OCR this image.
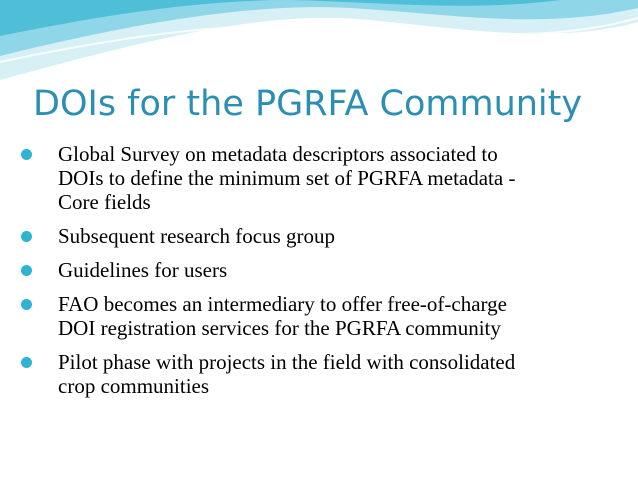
DOIs for the PGRFA Community
Global Survey on metadata descriptors associated to
DOIs to define the minimum set of PGRFA metadata -
Core fields
Subsequent research focus group
Guidelines for users
FAO becomes an intermediary to offer free-of-charge
DOI registration services for the PGRFA community
Pilot phase with projects in the field with consolidated
crop communities
